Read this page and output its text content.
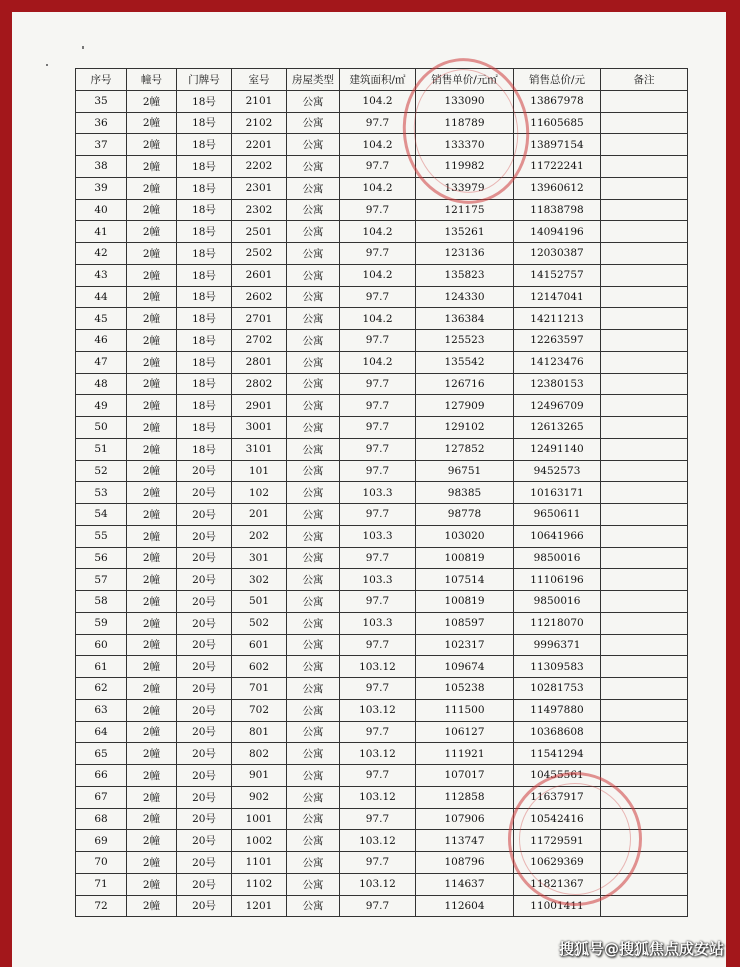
序号	幢号	门牌号	室号	房屋类型	建筑面积/㎡	销售单价/元㎡	销售总价/元	备注
35	2幢	18号	2101	公寓	104.2	133090	13867978	
36	2幢	18号	2102	公寓	97.7	118789	11605685	
37	2幢	18号	2201	公寓	104.2	133370	13897154	
38	2幢	18号	2202	公寓	97.7	119982	11722241	
39	2幢	18号	2301	公寓	104.2	133979	13960612	
40	2幢	18号	2302	公寓	97.7	121175	11838798	
41	2幢	18号	2501	公寓	104.2	135261	14094196	
42	2幢	18号	2502	公寓	97.7	123136	12030387	
43	2幢	18号	2601	公寓	104.2	135823	14152757	
44	2幢	18号	2602	公寓	97.7	124330	12147041	
45	2幢	18号	2701	公寓	104.2	136384	14211213	
46	2幢	18号	2702	公寓	97.7	125523	12263597	
47	2幢	18号	2801	公寓	104.2	135542	14123476	
48	2幢	18号	2802	公寓	97.7	126716	12380153	
49	2幢	18号	2901	公寓	97.7	127909	12496709	
50	2幢	18号	3001	公寓	97.7	129102	12613265	
51	2幢	18号	3101	公寓	97.7	127852	12491140	
52	2幢	20号	101	公寓	97.7	96751	9452573	
53	2幢	20号	102	公寓	103.3	98385	10163171	
54	2幢	20号	201	公寓	97.7	98778	9650611	
55	2幢	20号	202	公寓	103.3	103020	10641966	
56	2幢	20号	301	公寓	97.7	100819	9850016	
57	2幢	20号	302	公寓	103.3	107514	11106196	
58	2幢	20号	501	公寓	97.7	100819	9850016	
59	2幢	20号	502	公寓	103.3	108597	11218070	
60	2幢	20号	601	公寓	97.7	102317	9996371	
61	2幢	20号	602	公寓	103.12	109674	11309583	
62	2幢	20号	701	公寓	97.7	105238	10281753	
63	2幢	20号	702	公寓	103.12	111500	11497880	
64	2幢	20号	801	公寓	97.7	106127	10368608	
65	2幢	20号	802	公寓	103.12	111921	11541294	
66	2幢	20号	901	公寓	97.7	107017	10455561	
67	2幢	20号	902	公寓	103.12	112858	11637917	
68	2幢	20号	1001	公寓	97.7	107906	10542416	
69	2幢	20号	1002	公寓	103.12	113747	11729591	
70	2幢	20号	1101	公寓	97.7	108796	10629369	
71	2幢	20号	1102	公寓	103.12	114637	11821367	
72	2幢	20号	1201	公寓	97.7	112604	11001411	
搜狐号@搜狐焦点成安站
